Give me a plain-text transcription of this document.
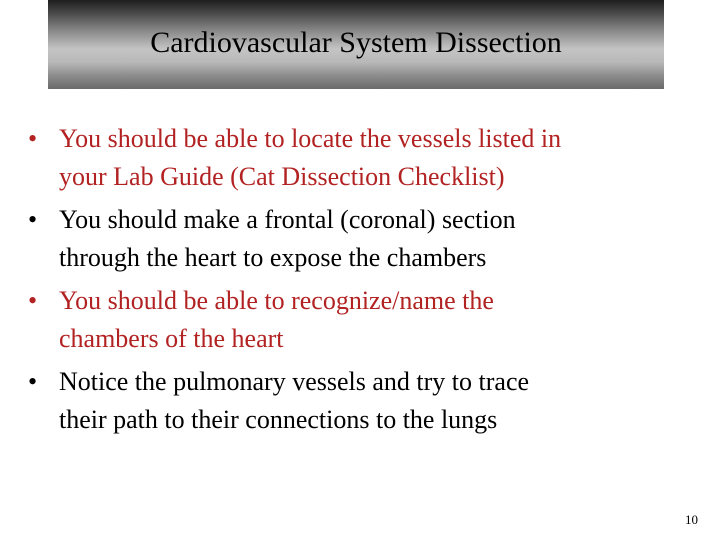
Cardiovascular System Dissection
• You should be able to locate the vessels listed in
your Lab Guide (Cat Dissection Checklist)
• You should make a frontal (coronal) section
through the heart to expose the chambers
• You should be able to recognize/name the
chambers of the heart
• Notice the pulmonary vessels and try to trace
their path to their connections to the lungs
10
